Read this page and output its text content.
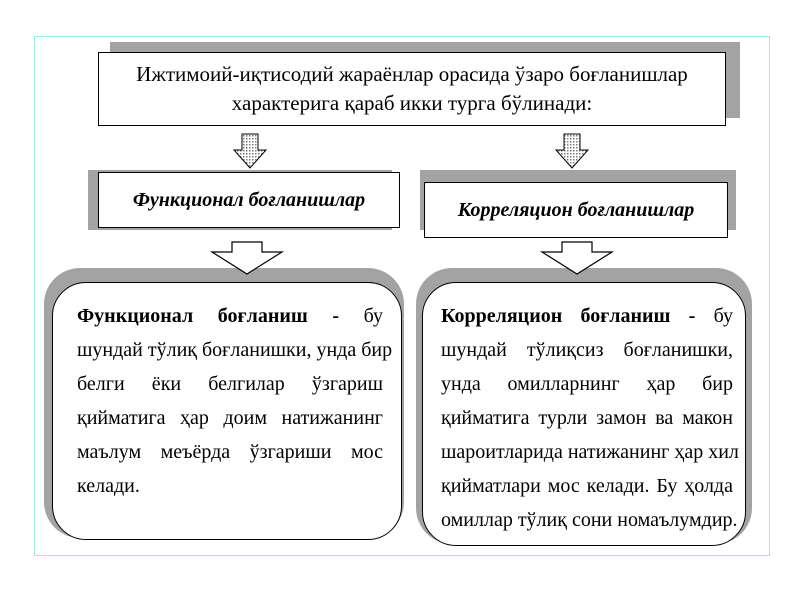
Ижтимоий-иқтисодий жараёнлар орасида ўзаро боғланишлар
характерига қараб икки турга бўлинади:
Функционал боғланишлар	Корреляцион боғланишлар
Функционал боғланиш - бу
шундай тўлиқ боғланишки, унда бир
белги ёки белгилар ўзгариш
қийматига ҳар доим натижанинг
маълум меъёрда ўзгариши мос
келади.
Корреляцион боғланиш - бу
шундай тўлиқсиз боғланишки,
унда омилларнинг ҳар бир
қийматига турли замон ва макон
шароитларида натижанинг ҳар хил
қийматлари мос келади. Бу ҳолда
омиллар тўлиқ сони номаълумдир.
